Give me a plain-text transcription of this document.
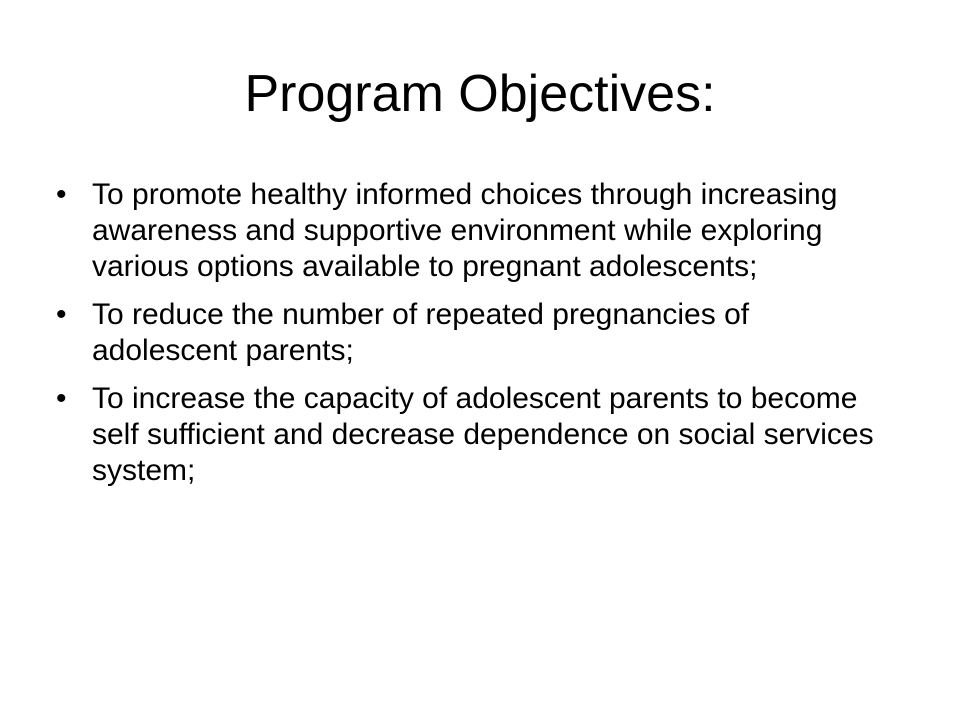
Program Objectives:
• To promote healthy informed choices through increasing awareness and supportive environment while exploring various options available to pregnant adolescents;
• To reduce the number of repeated pregnancies of adolescent parents;
• To increase the capacity of adolescent parents to become self sufficient and decrease dependence on social services system;
